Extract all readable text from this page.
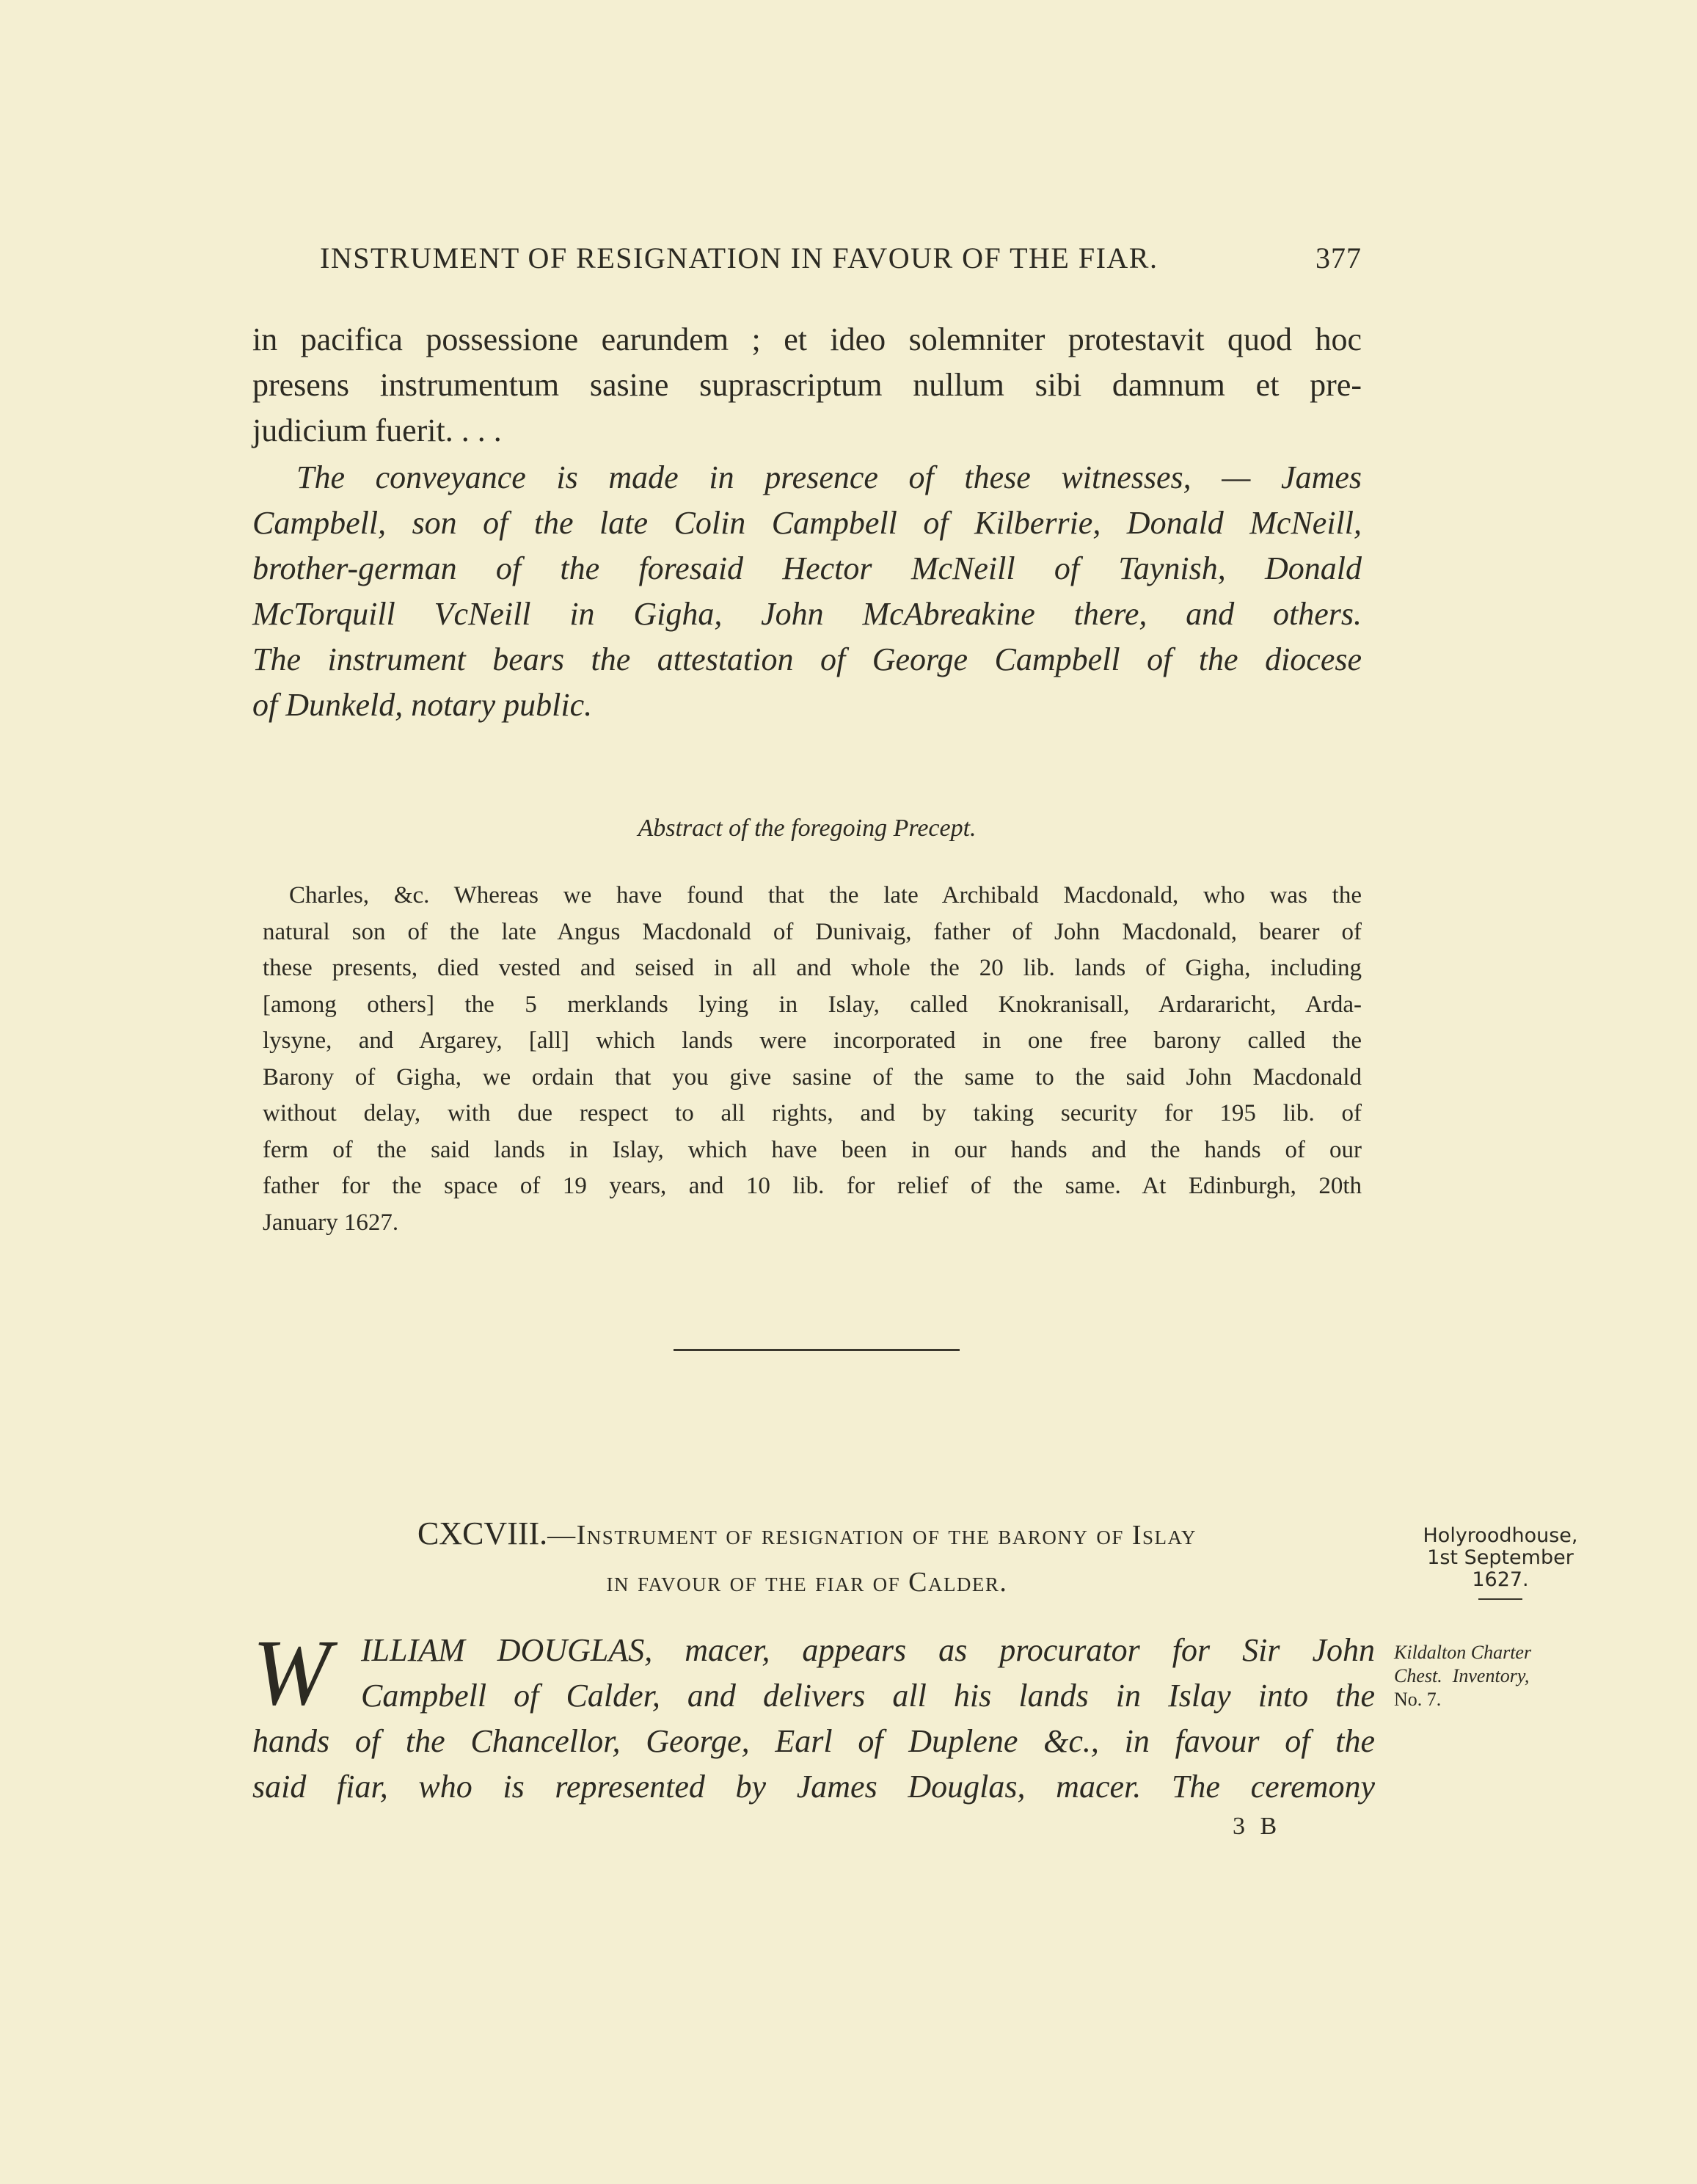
INSTRUMENT OF RESIGNATION IN FAVOUR OF THE FIAR.	377
in pacifica possessione earundem ; et ideo solemniter protestavit quod hoc
presens instrumentum sasine suprascriptum nullum sibi damnum et pre-
judicium fuerit. . . .
The conveyance is made in presence of these witnesses, — James
Campbell, son of the late Colin Campbell of Kilberrie, Donald McNeill,
brother-german of the foresaid Hector McNeill of Taynish, Donald
McTorquill VcNeill in Gigha, John McAbreakine there, and others.
The instrument bears the attestation of George Campbell of the diocese
of Dunkeld, notary public.
Abstract of the foregoing Precept.
Charles, &c. Whereas we have found that the late Archibald Macdonald, who was the
natural son of the late Angus Macdonald of Dunivaig, father of John Macdonald, bearer of
these presents, died vested and seised in all and whole the 20 lib. lands of Gigha, including
[among others] the 5 merklands lying in Islay, called Knokranisall, Ardararicht, Arda-
lysyne, and Argarey, [all] which lands were incorporated in one free barony called the
Barony of Gigha, we ordain that you give sasine of the same to the said John Macdonald
without delay, with due respect to all rights, and by taking security for 195 lib. of
ferm of the said lands in Islay, which have been in our hands and the hands of our
father for the space of 19 years, and 10 lib. for relief of the same. At Edinburgh, 20th
January 1627.
CXCVIII.—Instrument of resignation of the barony of Islay
in favour of the fiar of Calder.
W ILLIAM DOUGLAS, macer, appears as procurator for Sir John
Campbell of Calder, and delivers all his lands in Islay into the
hands of the Chancellor, George, Earl of Duplene &c., in favour of the
said fiar, who is represented by James Douglas, macer. The ceremony
3 B
Holyroodhouse,
1st September
1627.
Kildalton Charter
Chest. Inventory,
No. 7.
